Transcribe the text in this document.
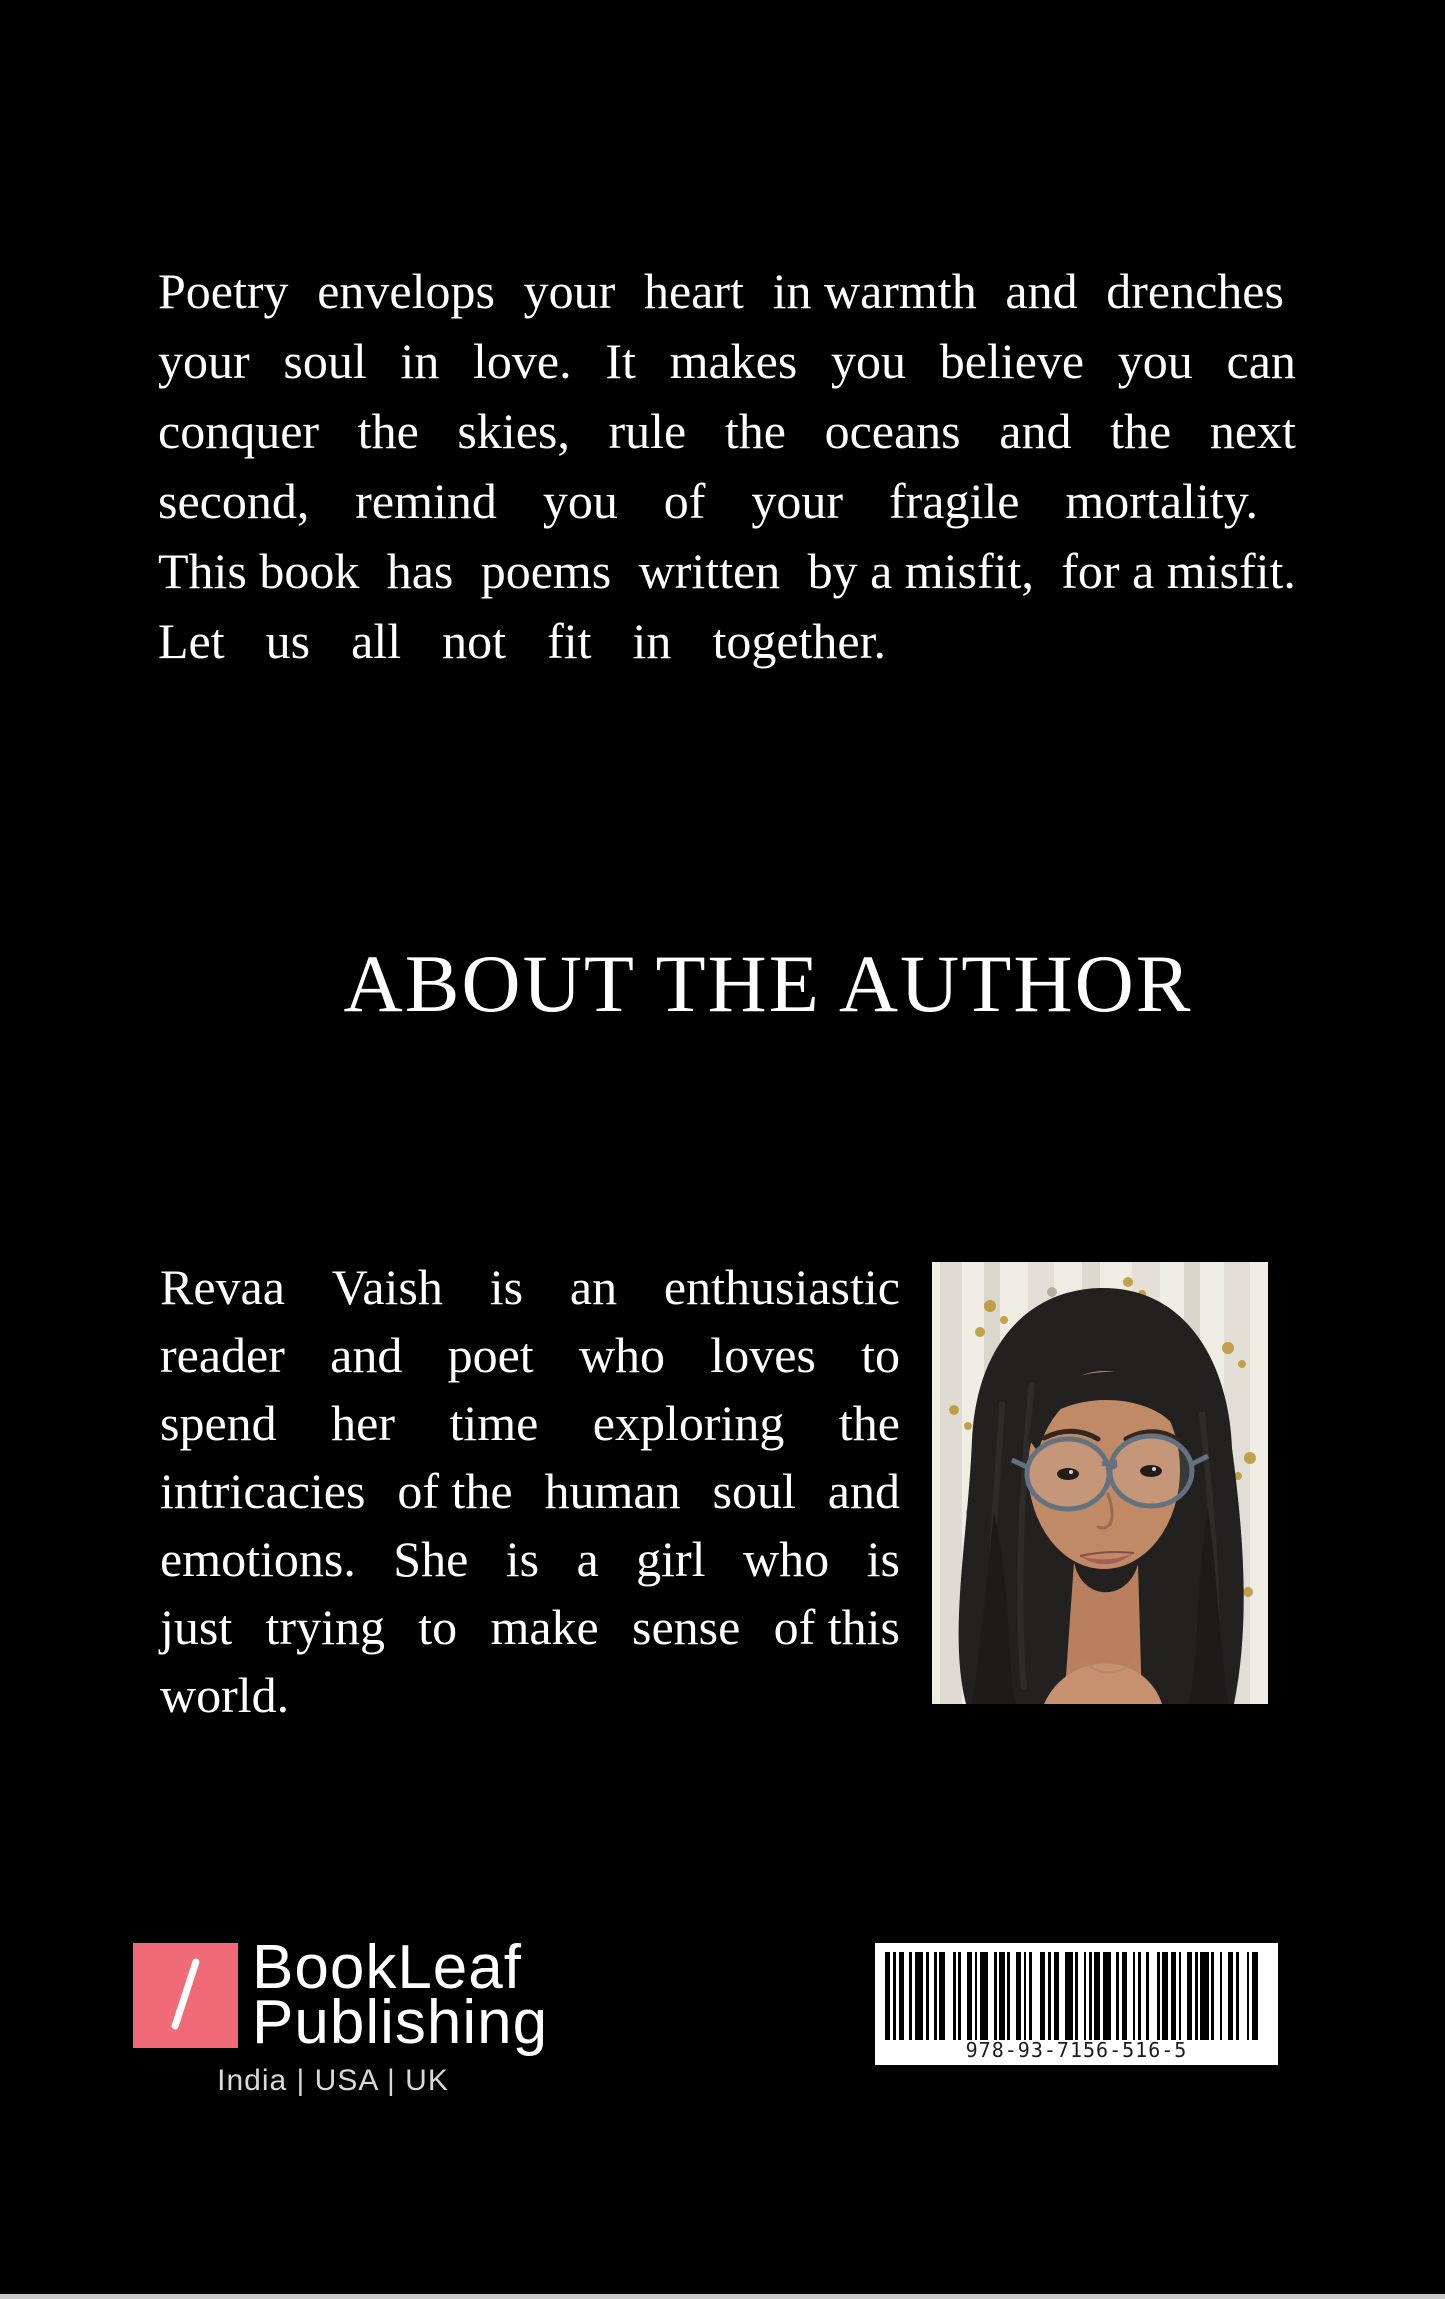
Poetry envelops your heart in warmth and drenches
your soul in love. It makes you believe you can
conquer the skies, rule the oceans and the next
second, remind you of your fragile mortality.
This book has poems written by a misfit, for a misfit.
Let us all not fit in together.
ABOUT THE AUTHOR
Revaa Vaish is an enthusiastic
reader and poet who loves to
spend her time exploring the
intricacies of the human soul and
emotions. She is a girl who is
just trying to make sense of this
world.
BookLeaf
Publishing
India | USA | UK
978-93-7156-516-5
